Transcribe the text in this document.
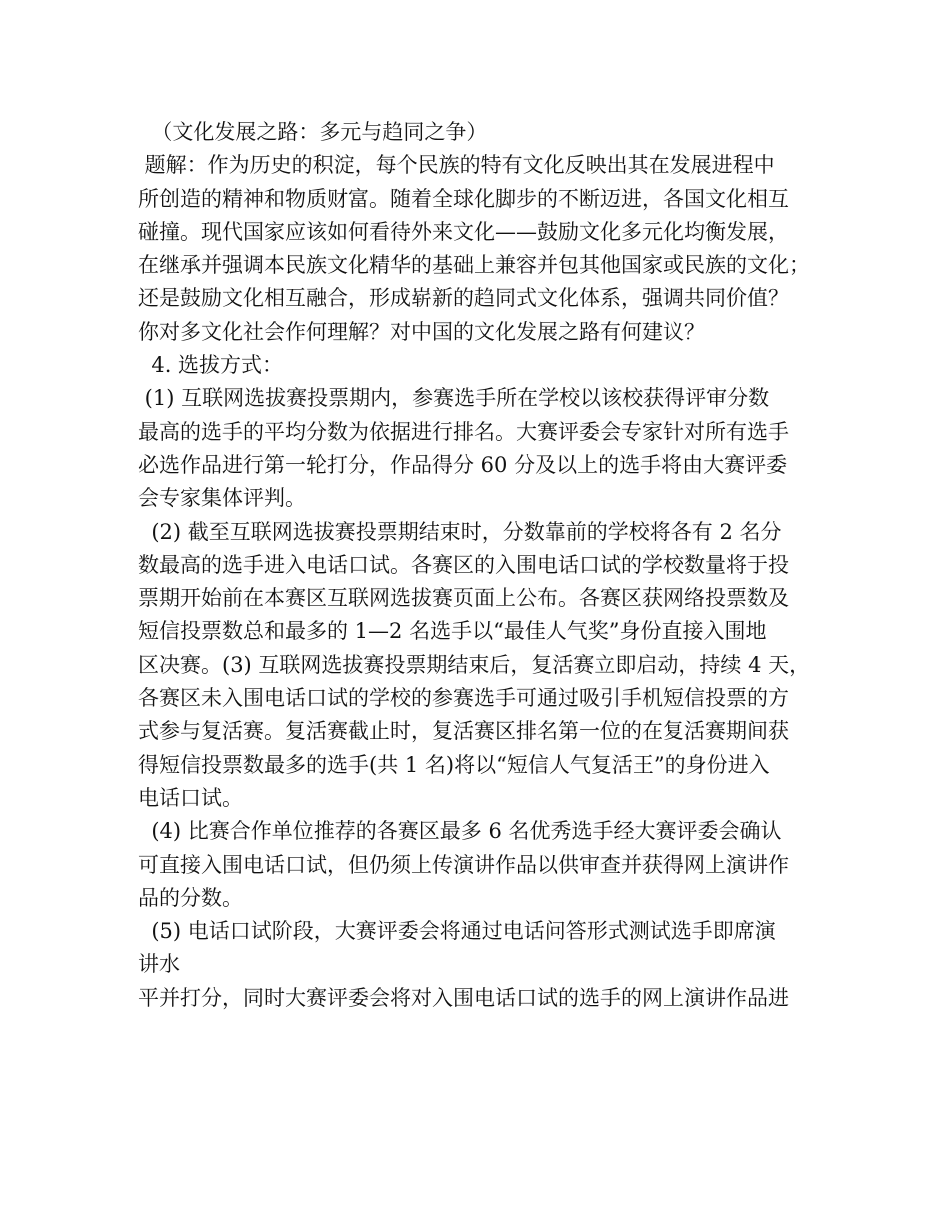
（文化发展之路：多元与趋同之争）
题解：作为历史的积淀，每个民族的特有文化反映出其在发展进程中
所创造的精神和物质财富。随着全球化脚步的不断迈进，各国文化相互
碰撞。现代国家应该如何看待外来文化——鼓励文化多元化均衡发展，
在继承并强调本民族文化精华的基础上兼容并包其他国家或民族的文化；
还是鼓励文化相互融合，形成崭新的趋同式文化体系，强调共同价值？
你对多文化社会作何理解？对中国的文化发展之路有何建议？
4. 选拔方式：
(1) 互联网选拔赛投票期内，参赛选手所在学校以该校获得评审分数
最高的选手的平均分数为依据进行排名。大赛评委会专家针对所有选手
必选作品进行第一轮打分，作品得分 60 分及以上的选手将由大赛评委
会专家集体评判。
(2) 截至互联网选拔赛投票期结束时，分数靠前的学校将各有 2 名分
数最高的选手进入电话口试。各赛区的入围电话口试的学校数量将于投
票期开始前在本赛区互联网选拔赛页面上公布。各赛区获网络投票数及
短信投票数总和最多的 1—2 名选手以“最佳人气奖”身份直接入围地
区决赛。(3) 互联网选拔赛投票期结束后，复活赛立即启动，持续 4 天，
各赛区未入围电话口试的学校的参赛选手可通过吸引手机短信投票的方
式参与复活赛。复活赛截止时，复活赛区排名第一位的在复活赛期间获
得短信投票数最多的选手(共 1 名)将以“短信人气复活王”的身份进入
电话口试。
(4) 比赛合作单位推荐的各赛区最多 6 名优秀选手经大赛评委会确认
可直接入围电话口试，但仍须上传演讲作品以供审查并获得网上演讲作
品的分数。
(5) 电话口试阶段，大赛评委会将通过电话问答形式测试选手即席演
讲水
平并打分，同时大赛评委会将对入围电话口试的选手的网上演讲作品进
